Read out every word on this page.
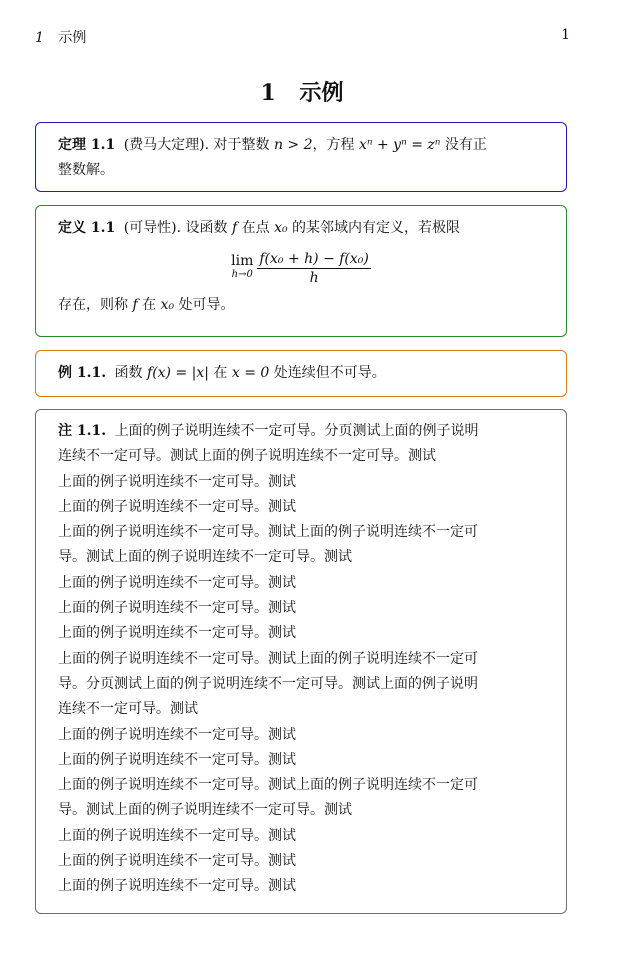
1 示例	1
1 示例
定理 1.1 (费马大定理). 对于整数 n > 2，方程 xⁿ + yⁿ = zⁿ 没有正
整数解。
定义 1.1 (可导性). 设函数 f 在点 x₀ 的某邻域内有定义，若极限
lim
$h\to 0 \frac{\text{f(x₀ + h) − f(x₀)}}{h}$
存在，则称 f 在 x₀ 处可导。
例 1.1. 函数 f(x) = |x| 在 x = 0 处连续但不可导。
注 1.1. 上面的例子说明连续不一定可导。分页测试上面的例子说明
连续不一定可导。测试上面的例子说明连续不一定可导。测试
上面的例子说明连续不一定可导。测试
上面的例子说明连续不一定可导。测试
上面的例子说明连续不一定可导。测试上面的例子说明连续不一定可
导。测试上面的例子说明连续不一定可导。测试
上面的例子说明连续不一定可导。测试
上面的例子说明连续不一定可导。测试
上面的例子说明连续不一定可导。测试
上面的例子说明连续不一定可导。测试上面的例子说明连续不一定可
导。分页测试上面的例子说明连续不一定可导。测试上面的例子说明
连续不一定可导。测试
上面的例子说明连续不一定可导。测试
上面的例子说明连续不一定可导。测试
上面的例子说明连续不一定可导。测试上面的例子说明连续不一定可
导。测试上面的例子说明连续不一定可导。测试
上面的例子说明连续不一定可导。测试
上面的例子说明连续不一定可导。测试
上面的例子说明连续不一定可导。测试
